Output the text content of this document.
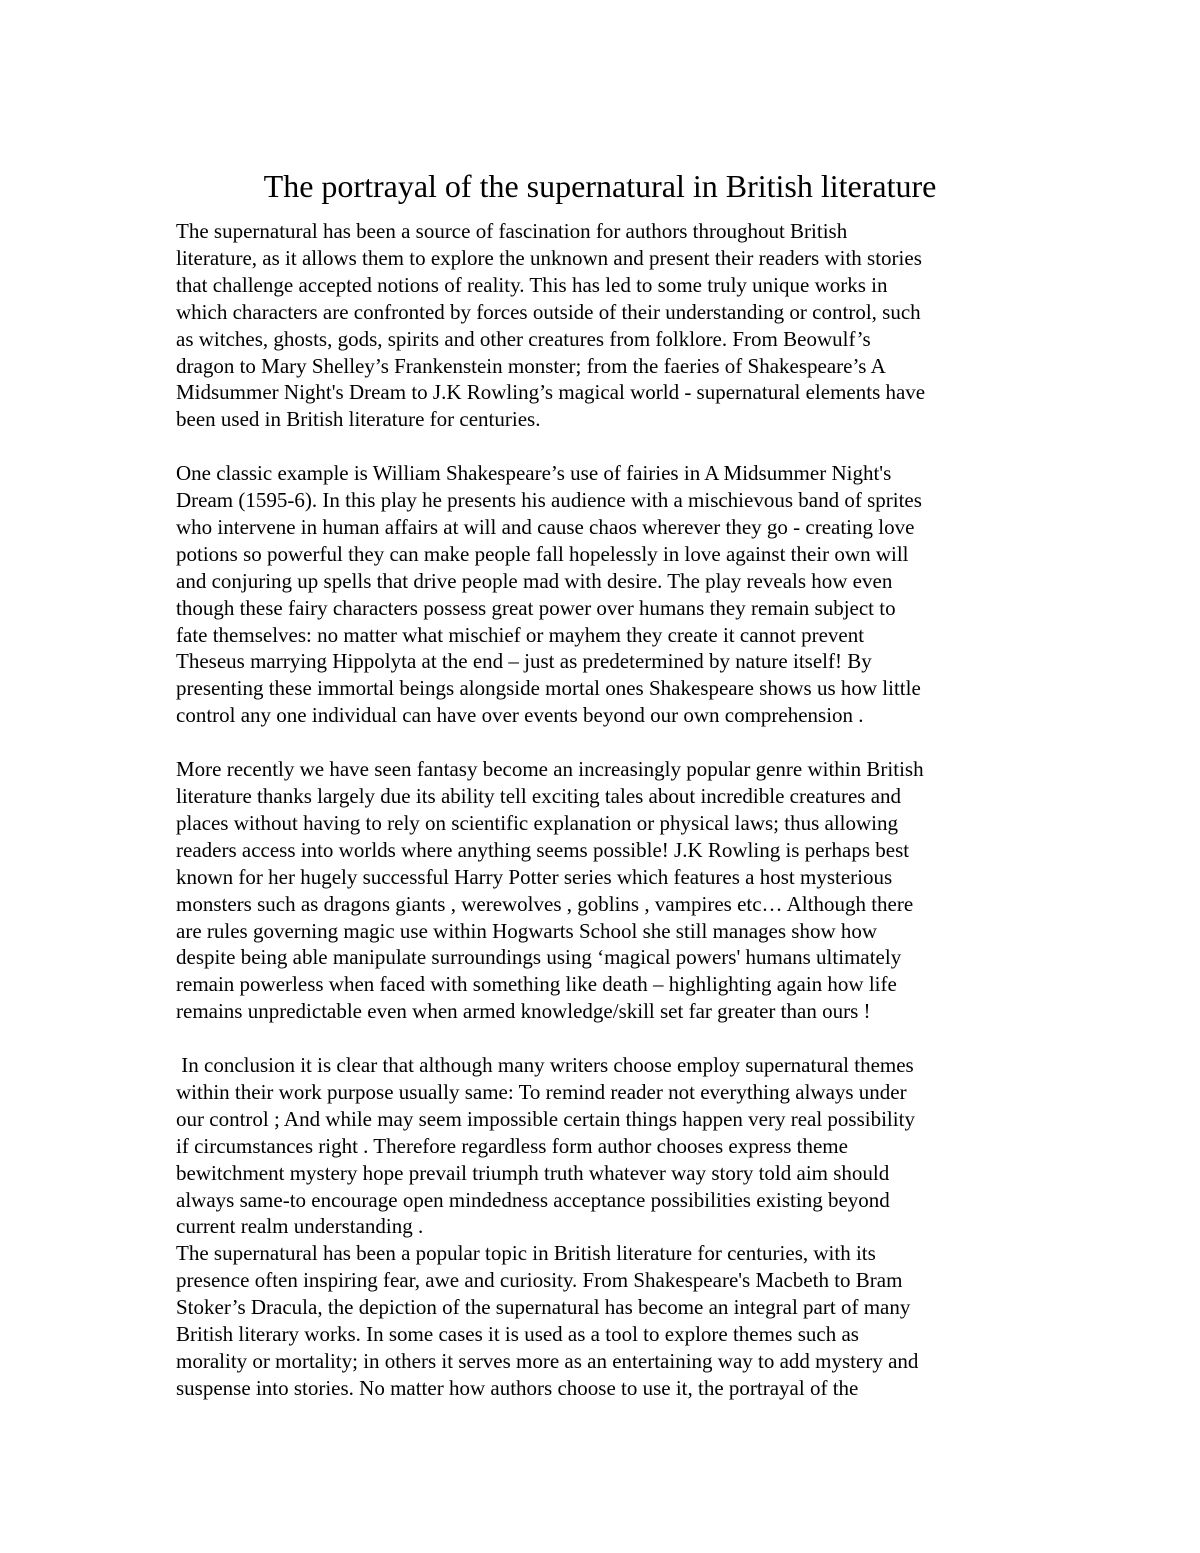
The portrayal of the supernatural in British literature

The supernatural has been a source of fascination for authors throughout British

literature, as it allows them to explore the unknown and present their readers with stories

that challenge accepted notions of reality. This has led to some truly unique works in

which characters are confronted by forces outside of their understanding or control, such

as witches, ghosts, gods, spirits and other creatures from folklore. From Beowulf’s

dragon to Mary Shelley’s Frankenstein monster; from the faeries of Shakespeare’s A

Midsummer Night's Dream to J.K Rowling’s magical world - supernatural elements have

been used in British literature for centuries.

One classic example is William Shakespeare’s use of fairies in A Midsummer Night's

Dream (1595-6). In this play he presents his audience with a mischievous band of sprites

who intervene in human affairs at will and cause chaos wherever they go - creating love

potions so powerful they can make people fall hopelessly in love against their own will

and conjuring up spells that drive people mad with desire. The play reveals how even

though these fairy characters possess great power over humans they remain subject to

fate themselves: no matter what mischief or mayhem they create it cannot prevent

Theseus marrying Hippolyta at the end – just as predetermined by nature itself! By

presenting these immortal beings alongside mortal ones Shakespeare shows us how little

control any one individual can have over events beyond our own comprehension .

More recently we have seen fantasy become an increasingly popular genre within British

literature thanks largely due its ability tell exciting tales about incredible creatures and

places without having to rely on scientific explanation or physical laws; thus allowing

readers access into worlds where anything seems possible! J.K Rowling is perhaps best

known for her hugely successful Harry Potter series which features a host mysterious

monsters such as dragons giants , werewolves , goblins , vampires etc… Although there

are rules governing magic use within Hogwarts School she still manages show how

despite being able manipulate surroundings using ‘magical powers' humans ultimately

remain powerless when faced with something like death – highlighting again how life

remains unpredictable even when armed knowledge/skill set far greater than ours !

In conclusion it is clear that although many writers choose employ supernatural themes

within their work purpose usually same: To remind reader not everything always under

our control ; And while may seem impossible certain things happen very real possibility

if circumstances right . Therefore regardless form author chooses express theme

bewitchment mystery hope prevail triumph truth whatever way story told aim should

always same-to encourage open mindedness acceptance possibilities existing beyond

current realm understanding .

The supernatural has been a popular topic in British literature for centuries, with its

presence often inspiring fear, awe and curiosity. From Shakespeare's Macbeth to Bram

Stoker’s Dracula, the depiction of the supernatural has become an integral part of many

British literary works. In some cases it is used as a tool to explore themes such as

morality or mortality; in others it serves more as an entertaining way to add mystery and

suspense into stories. No matter how authors choose to use it, the portrayal of the
